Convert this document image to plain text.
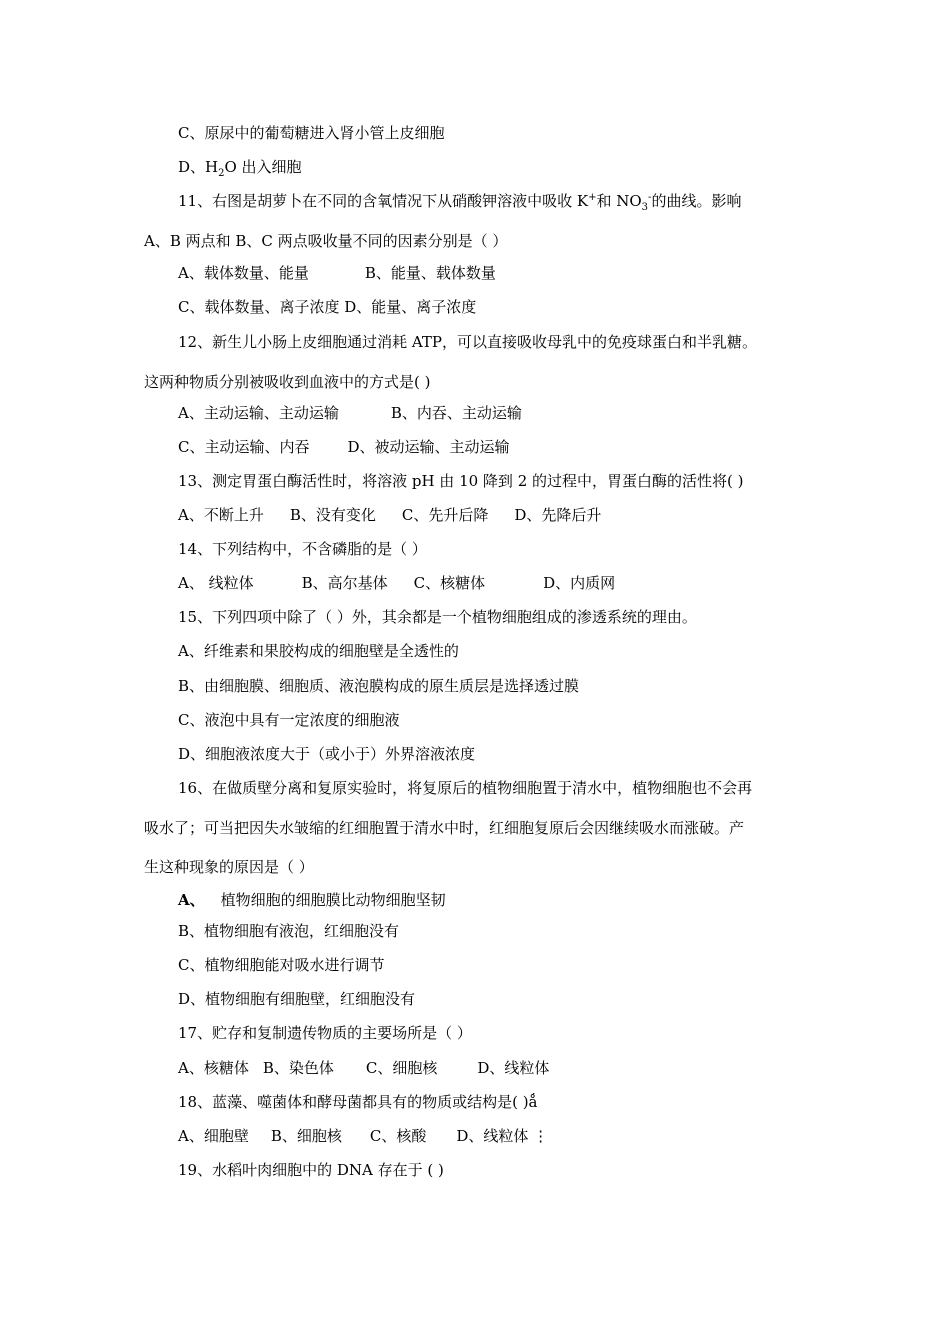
C、原尿中的葡萄糖进入肾小管上皮细胞
D、$H_2O$ 出入细胞
11、右图是胡萝卜在不同的含氧情况下从硝酸钾溶液中吸收 K+和 $NO_3^-$的曲线。影响
A、B 两点和 B、C 两点吸收量不同的因素分别是（ ）
A、载体数量、能量	B、能量、载体数量
C、载体数量、离子浓度 D、能量、离子浓度
12、新生儿小肠上皮细胞通过消耗 ATP，可以直接吸收母乳中的免疫球蛋白和半乳糖。
这两种物质分别被吸收到血液中的方式是( )
A、主动运输、主动运输	B、内吞、主动运输
C、主动运输、内吞	D、被动运输、主动运输
13、测定胃蛋白酶活性时，将溶液 pH 由 10 降到 2 的过程中，胃蛋白酶的活性将( )
A、不断上升 B、没有变化 C、先升后降 D、先降后升
14、下列结构中，不含磷脂的是（ ）
A、 线粒体	B、高尔基体 C、核糖体	D、内质网
15、下列四项中除了（ ）外，其余都是一个植物细胞组成的渗透系统的理由。
A、纤维素和果胶构成的细胞壁是全透性的
B、由细胞膜、细胞质、液泡膜构成的原生质层是选择透过膜
C、液泡中具有一定浓度的细胞液
D、细胞液浓度大于（或小于）外界溶液浓度
16、在做质壁分离和复原实验时，将复原后的植物细胞置于清水中，植物细胞也不会再
吸水了；可当把因失水皱缩的红细胞置于清水中时，红细胞复原后会因继续吸水而涨破。产
生这种现象的原因是（ ）
A、 植物细胞的细胞膜比动物细胞坚韧
B、植物细胞有液泡，红细胞没有
C、植物细胞能对吸水进行调节
D、植物细胞有细胞壁，红细胞没有
17、贮存和复制遗传物质的主要场所是（ ）
A、核糖体 B、染色体 C、细胞核	D、线粒体
18、蓝藻、噬菌体和酵母菌都具有的物质或结构是( )ǻ
A、细胞壁 B、细胞核 C、核酸 D、线粒体 ⋮
19、水稻叶肉细胞中的 DNA 存在于 ( )
